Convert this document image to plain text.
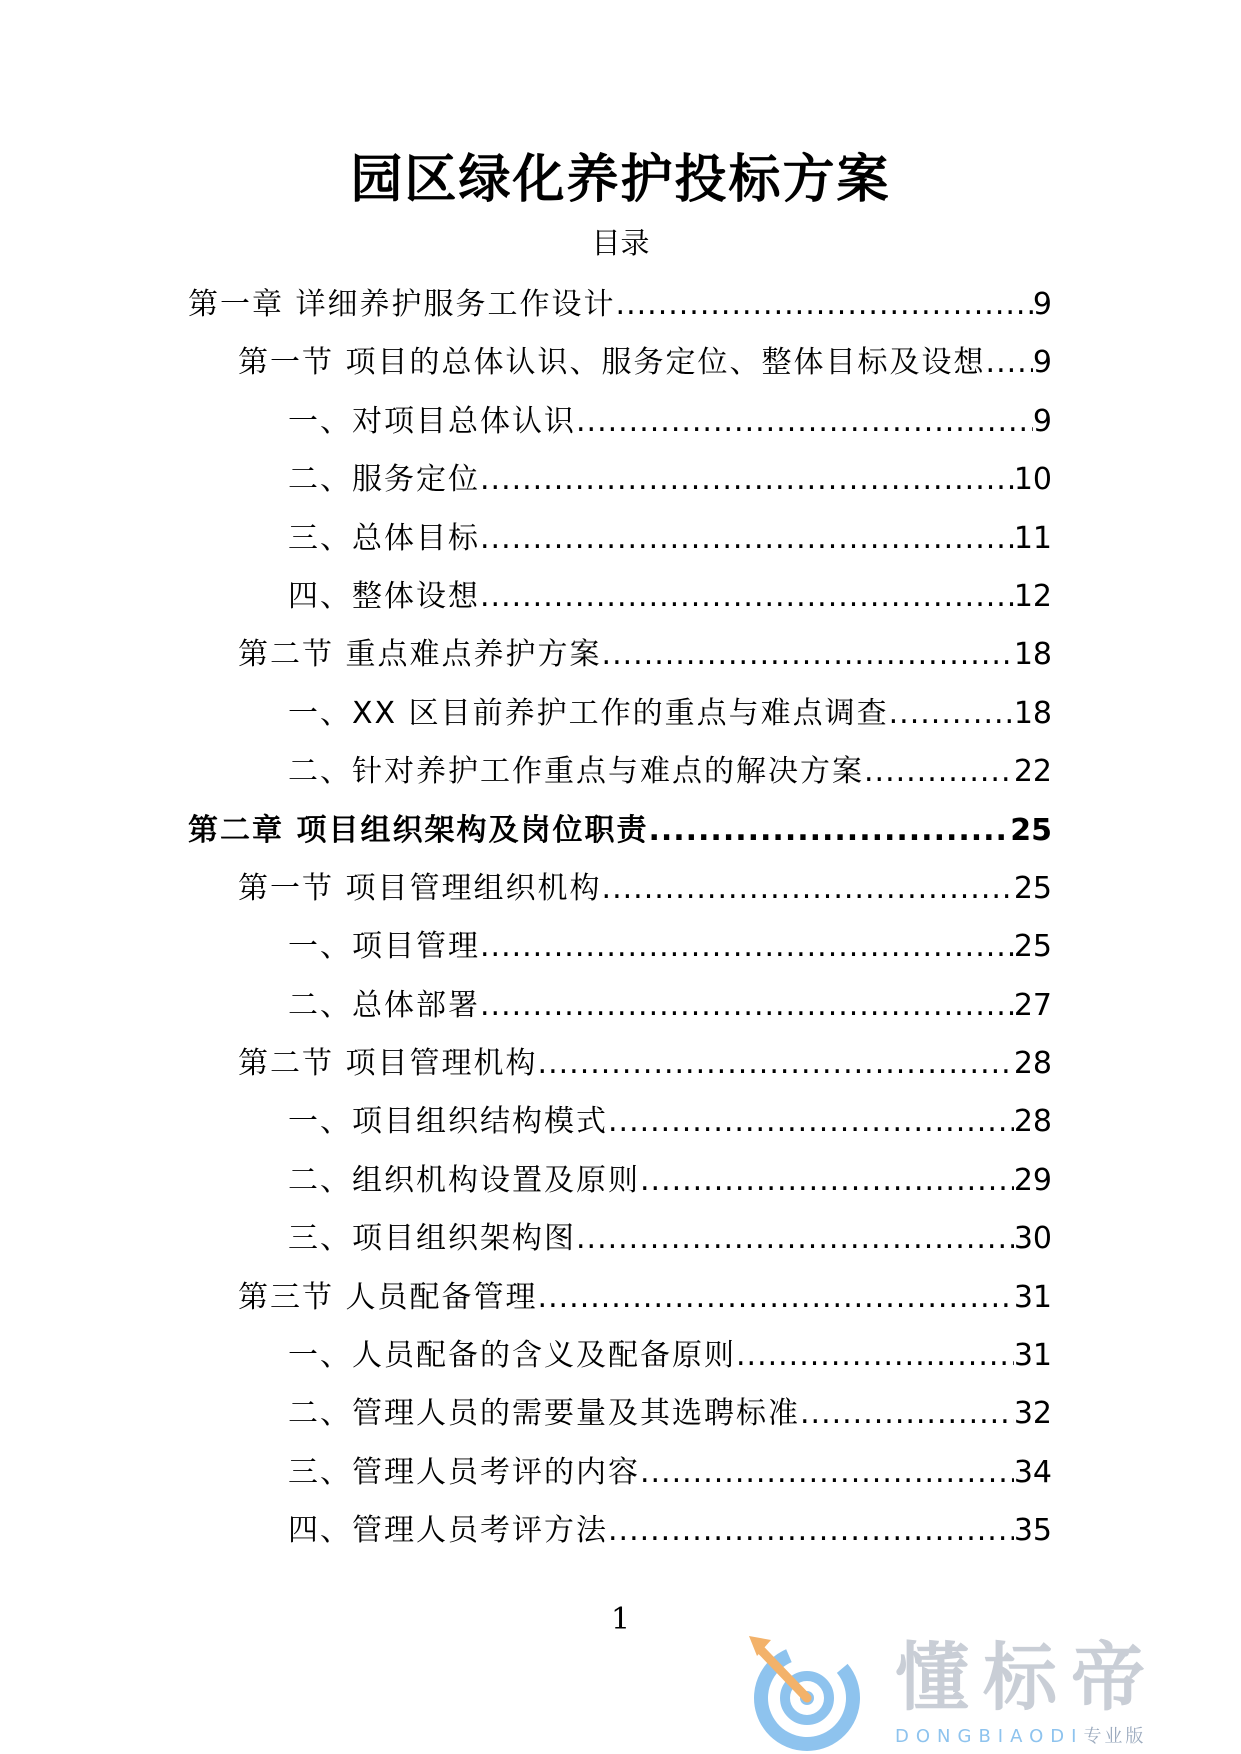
园区绿化养护投标方案
目录
第一章 详细养护服务工作设计 .....	9
第一节 项目的总体认识、服务定位、整体目标及设想 ..... 9
一、对项目总体认识 .....	9
二、服务定位 .....	10
三、总体目标 .....	11
四、整体设想 .....	12
第二节 重点难点养护方案 .....	18
一、XX 区目前养护工作的重点与难点调查 .....	18
二、针对养护工作重点与难点的解决方案 .....	22
第二章 项目组织架构及岗位职责 .....	25
第一节 项目管理组织机构 .....	25
一、项目管理 .....	25
二、总体部署 .....	27
第二节 项目管理机构 .....	28
一、项目组织结构模式 .....	28
二、组织机构设置及原则 .....	29
三、项目组织架构图 .....	30
第三节 人员配备管理 .....	31
一、人员配备的含义及配备原则 .....	31
二、管理人员的需要量及其选聘标准 .....	32
三、管理人员考评的内容 .....	34
四、管理人员考评方法 .....	35
1
懂标帝
DONGBIAODI专业版
